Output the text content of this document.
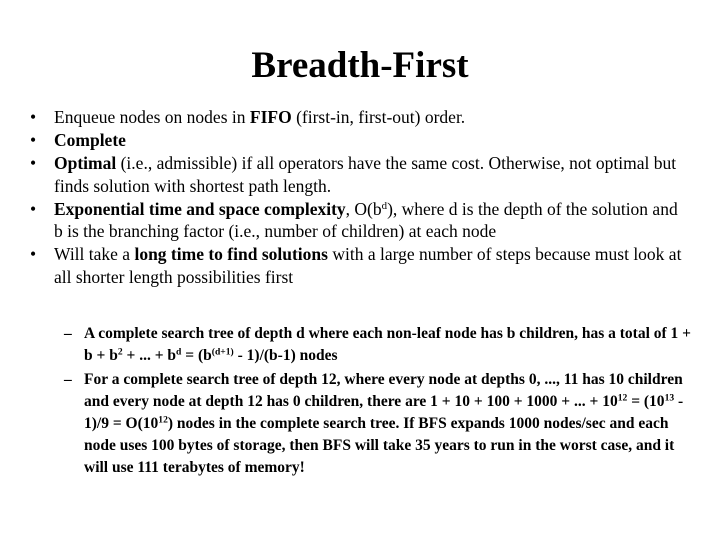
Breadth-First
• Enqueue nodes on nodes in FIFO (first-in, first-out) order.
• Complete
• Optimal (i.e., admissible) if all operators have the same cost. Otherwise, not optimal but finds solution with shortest path length.
• Exponential time and space complexity, $O(b^d)$, where d is the depth of the solution and b is the branching factor (i.e., number of children) at each node
• Will take a long time to find solutions with a large number of steps because must look at all shorter length possibilities first
– A complete search tree of depth d where each non-leaf node has b children, has a total of $1 + b + b^2$ + ... + $b^d = (b^{(d+1)} - 1)/(b-1)$ nodes
– For a complete search tree of depth 12, where every node at depths 0, ..., 11 has 10 children and every node at depth 12 has 0 children, there are 1 + 10 + 100 + 1000 + ... + $10^{12} = (10^{13} - 1)/9 = O(10^{12})$ nodes in the complete search tree. If BFS expands 1000 nodes/sec and each node uses 100 bytes of storage, then BFS will take 35 years to run in the worst case, and it will use 111 terabytes of memory!
